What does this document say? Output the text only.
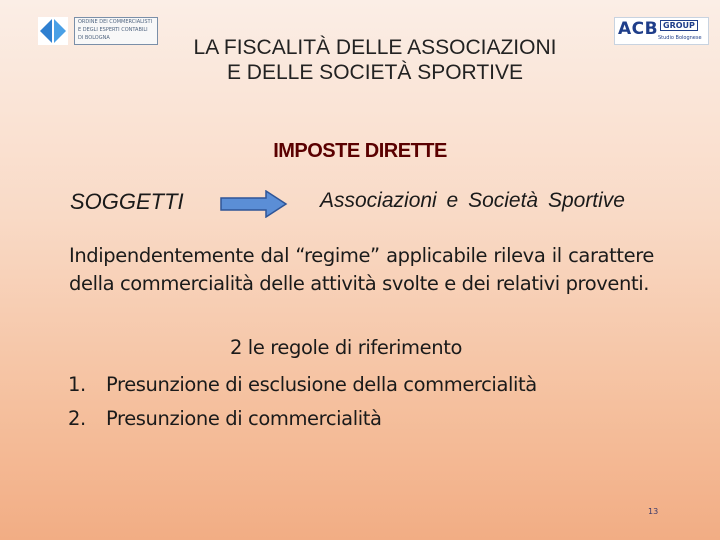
ORDINE DEI COMMERCIALISTI
E DEGLI ESPERTI CONTABILI
DI BOLOGNA	ACB GROUP
Studio Bolognese
LA FISCALITÀ DELLE ASSOCIAZIONI
E DELLE SOCIETÀ SPORTIVE
IMPOSTE DIRETTE
SOGGETTI	Associazioni e Società Sportive
Indipendentemente dal “regime” applicabile rileva il carattere della commercialità delle attività svolte e dei relativi proventi.
2 le regole di riferimento
1. Presunzione di esclusione della commercialità
2. Presunzione di commercialità
13
